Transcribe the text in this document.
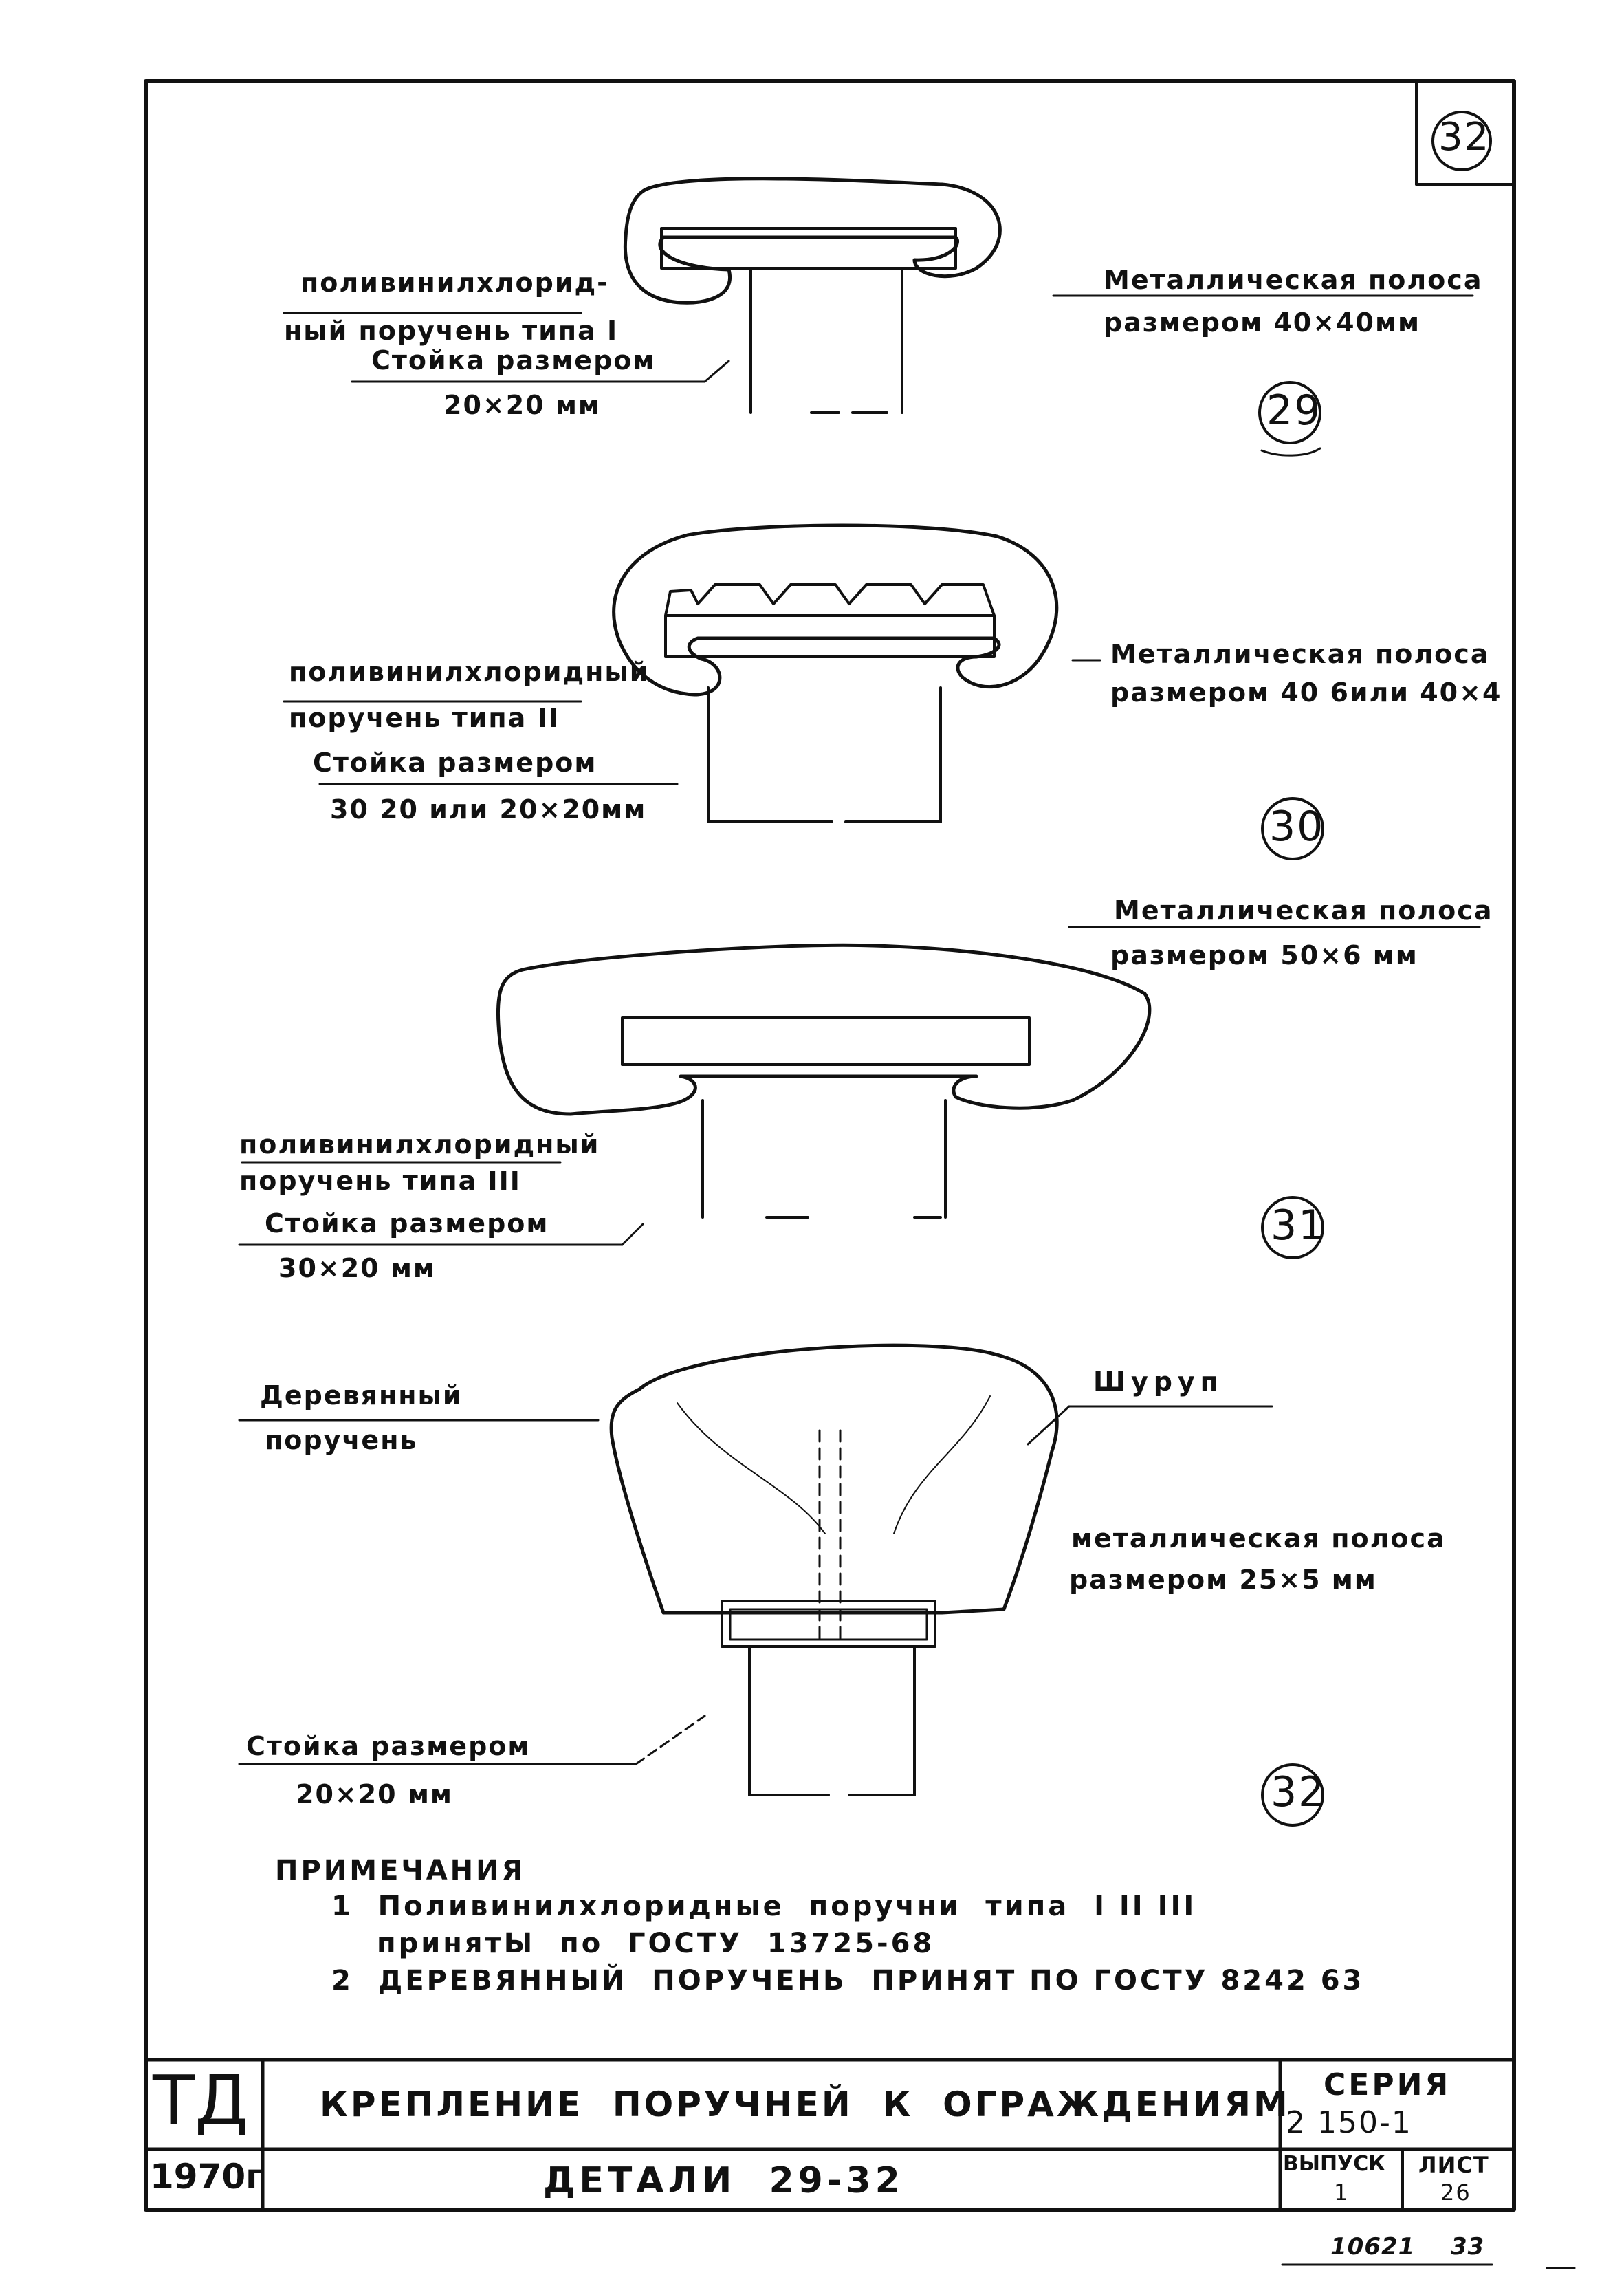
32
поливинилхлорид-
ный поручень типа I
Стойка размером
20×20 мм
Металлическая полоса
размером 40×40мм
29
поливинилхлоридный
поручень типа II
Стойка размером
30 20 или 20×20мм
Металлическая полоса
размером 40 6или 40×4
30
поливинилхлоридный
поручень типа III
Стойка размером
30×20 мм
Металлическая полоса
размером 50×6 мм
31
Деревянный
поручень
Шуруп
металлическая полоса
размером 25×5 мм
Стойка размером
20×20 мм	32
ПРИМЕЧАНИЯ
1  Поливинилхлоридные  поручни  типа  I II III
принятЫ  по  ГОСТУ  13725-68
2  ДЕРЕВЯННЫЙ  ПОРУЧЕНЬ  ПРИНЯТ ПО ГОСТУ 8242 63
ТД
1970г
КРЕПЛЕНИЕ  ПОРУЧНЕЙ  К  ОГРАЖДЕНИЯМ
ДЕТАЛИ  29-32
СЕРИЯ
2 150-1
ВЫПУСК
1
ЛИСТ
26
10621 33
